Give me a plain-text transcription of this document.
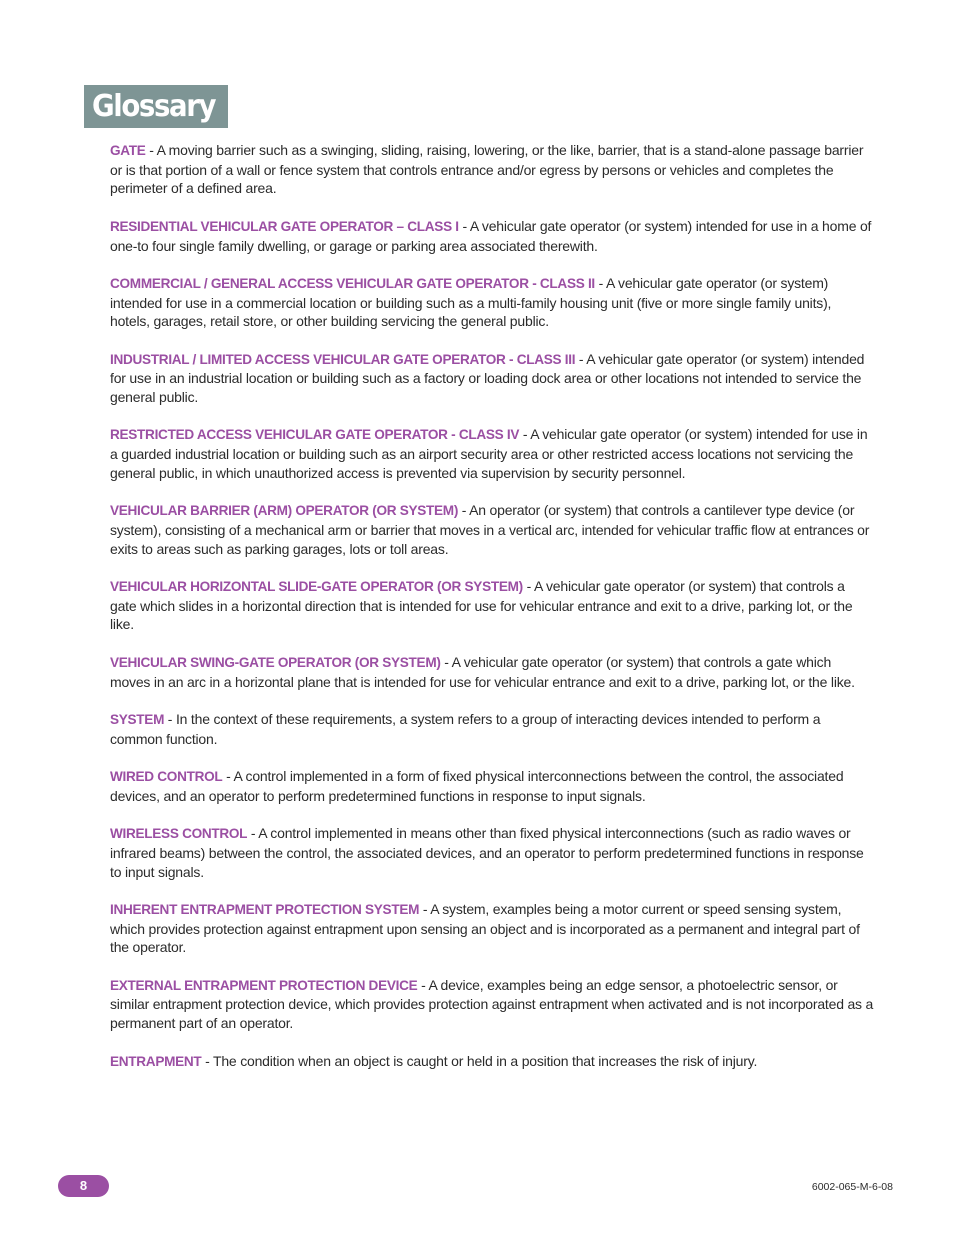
Glossary

GATE - A moving barrier such as a swinging, sliding, raising, lowering, or the like, barrier, that is a stand-alone passage barrier or is that portion of a wall or fence system that controls entrance and/or egress by persons or vehicles and completes the perimeter of a defined area.

RESIDENTIAL VEHICULAR GATE OPERATOR – CLASS I - A vehicular gate operator (or system) intended for use in a home of one-to four single family dwelling, or garage or parking area associated therewith.

COMMERCIAL / GENERAL ACCESS VEHICULAR GATE OPERATOR - CLASS II - A vehicular gate operator (or system) intended for use in a commercial location or building such as a multi-family housing unit (five or more single family units), hotels, garages, retail store, or other building servicing the general public.

INDUSTRIAL / LIMITED ACCESS VEHICULAR GATE OPERATOR - CLASS III - A vehicular gate operator (or system) intended for use in an industrial location or building such as a factory or loading dock area or other locations not intended to service the general public.

RESTRICTED ACCESS VEHICULAR GATE OPERATOR - CLASS IV - A vehicular gate operator (or system) intended for use in a guarded industrial location or building such as an airport security area or other restricted access locations not servicing the general public, in which unauthorized access is prevented via supervision by security personnel.

VEHICULAR BARRIER (ARM) OPERATOR (OR SYSTEM) - An operator (or system) that controls a cantilever type device (or system), consisting of a mechanical arm or barrier that moves in a vertical arc, intended for vehicular traffic flow at entrances or exits to areas such as parking garages, lots or toll areas.

VEHICULAR HORIZONTAL SLIDE-GATE OPERATOR (OR SYSTEM) - A vehicular gate operator (or system) that controls a gate which slides in a horizontal direction that is intended for use for vehicular entrance and exit to a drive, parking lot, or the like.

VEHICULAR SWING-GATE OPERATOR (OR SYSTEM) - A vehicular gate operator (or system) that controls a gate which moves in an arc in a horizontal plane that is intended for use for vehicular entrance and exit to a drive, parking lot, or the like.

SYSTEM - In the context of these requirements, a system refers to a group of interacting devices intended to perform a common function.

WIRED CONTROL - A control implemented in a form of fixed physical interconnections between the control, the associated devices, and an operator to perform predetermined functions in response to input signals.

WIRELESS CONTROL - A control implemented in means other than fixed physical interconnections (such as radio waves or infrared beams) between the control, the associated devices, and an operator to perform predetermined functions in response to input signals.

INHERENT ENTRAPMENT PROTECTION SYSTEM - A system, examples being a motor current or speed sensing system, which provides protection against entrapment upon sensing an object and is incorporated as a permanent and integral part of the operator.

EXTERNAL ENTRAPMENT PROTECTION DEVICE - A device, examples being an edge sensor, a photoelectric sensor, or similar entrapment protection device, which provides protection against entrapment when activated and is not incorporated as a permanent part of an operator.

ENTRAPMENT - The condition when an object is caught or held in a position that increases the risk of injury.

8	6002-065-M-6-08
